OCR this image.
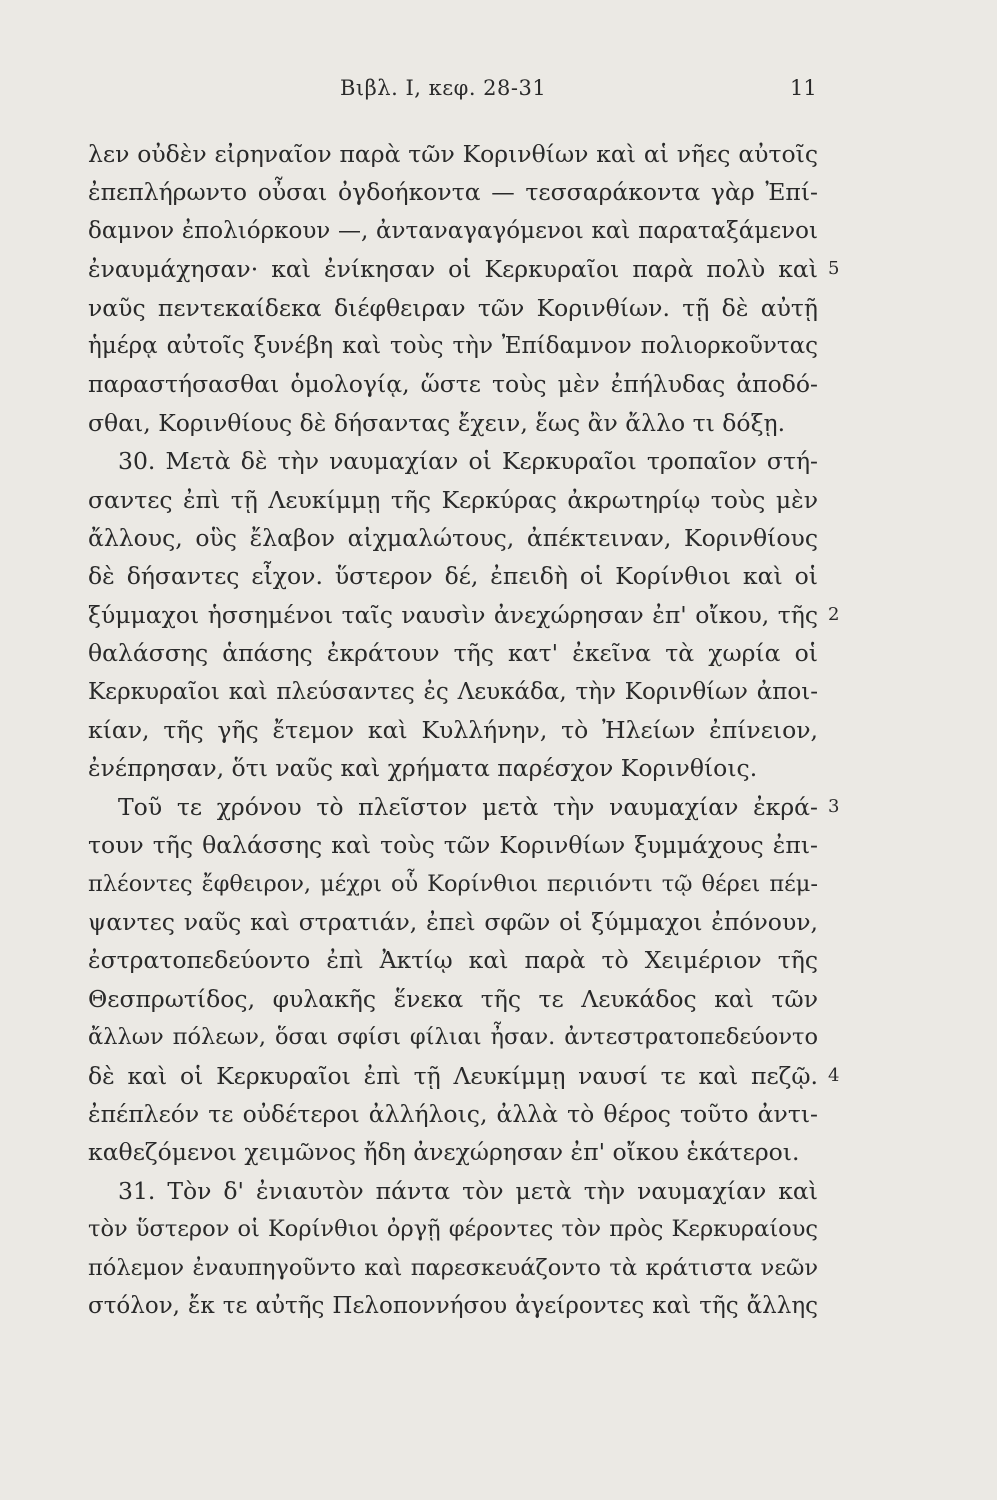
Βιβλ. I, κεφ. 28-31	11
λεν οὐδὲν εἰρηναῖον παρὰ τῶν Κορινθίων καὶ αἱ νῆες αὐτοῖς
ἐπεπλήρωντο οὖσαι ὀγδοήκοντα — τεσσαράκοντα γὰρ Ἐπί-
δαμνον ἐπολιόρκουν —, ἀνταναγαγόμενοι καὶ παραταξάμενοι
ἐναυμάχησαν· καὶ ἐνίκησαν οἱ Κερκυραῖοι παρὰ πολὺ καὶ
ναῦς πεντεκαίδεκα διέφθειραν τῶν Κορινθίων. τῇ δὲ αὐτῇ
ἡμέρᾳ αὐτοῖς ξυνέβη καὶ τοὺς τὴν Ἐπίδαμνον πολιορκοῦντας
παραστήσασθαι ὁμολογίᾳ, ὥστε τοὺς μὲν ἐπήλυδας ἀποδό-
σθαι, Κορινθίους δὲ δήσαντας ἔχειν, ἕως ἂν ἄλλο τι δόξῃ.
30. Μετὰ δὲ τὴν ναυμαχίαν οἱ Κερκυραῖοι τροπαῖον στή-
σαντες ἐπὶ τῇ Λευκίμμῃ τῆς Κερκύρας ἀκρωτηρίῳ τοὺς μὲν
ἄλλους, οὓς ἔλαβον αἰχμαλώτους, ἀπέκτειναν, Κορινθίους
δὲ δήσαντες εἶχον. ὕστερον δέ, ἐπειδὴ οἱ Κορίνθιοι καὶ οἱ
ξύμμαχοι ἡσσημένοι ταῖς ναυσὶν ἀνεχώρησαν ἐπ' οἴκου, τῆς
θαλάσσης ἁπάσης ἐκράτουν τῆς κατ' ἐκεῖνα τὰ χωρία οἱ
Κερκυραῖοι καὶ πλεύσαντες ἐς Λευκάδα, τὴν Κορινθίων ἀποι-
κίαν, τῆς γῆς ἔτεμον καὶ Κυλλήνην, τὸ Ἠλείων ἐπίνειον,
ἐνέπρησαν, ὅτι ναῦς καὶ χρήματα παρέσχον Κορινθίοις.
Τοῦ τε χρόνου τὸ πλεῖστον μετὰ τὴν ναυμαχίαν ἐκρά-
τουν τῆς θαλάσσης καὶ τοὺς τῶν Κορινθίων ξυμμάχους ἐπι-
πλέοντες ἔφθειρον, μέχρι οὗ Κορίνθιοι περιιόντι τῷ θέρει πέμ-
ψαντες ναῦς καὶ στρατιάν, ἐπεὶ σφῶν οἱ ξύμμαχοι ἐπόνουν,
ἐστρατοπεδεύοντο ἐπὶ Ἀκτίῳ καὶ παρὰ τὸ Χειμέριον τῆς
Θεσπρωτίδος, φυλακῆς ἕνεκα τῆς τε Λευκάδος καὶ τῶν
ἄλλων πόλεων, ὅσαι σφίσι φίλιαι ἦσαν. ἀντεστρατοπεδεύοντο
δὲ καὶ οἱ Κερκυραῖοι ἐπὶ τῇ Λευκίμμῃ ναυσί τε καὶ πεζῷ.
ἐπέπλεόν τε οὐδέτεροι ἀλλήλοις, ἀλλὰ τὸ θέρος τοῦτο ἀντι-
καθεζόμενοι χειμῶνος ἤδη ἀνεχώρησαν ἐπ' οἴκου ἑκάτεροι.
31. Τὸν δ' ἐνιαυτὸν πάντα τὸν μετὰ τὴν ναυμαχίαν καὶ
τὸν ὕστερον οἱ Κορίνθιοι ὀργῇ φέροντες τὸν πρὸς Κερκυραίους
πόλεμον ἐναυπηγοῦντο καὶ παρεσκευάζοντο τὰ κράτιστα νεῶν
στόλον, ἔκ τε αὐτῆς Πελοποννήσου ἀγείροντες καὶ τῆς ἄλλης
5
2
3
4
